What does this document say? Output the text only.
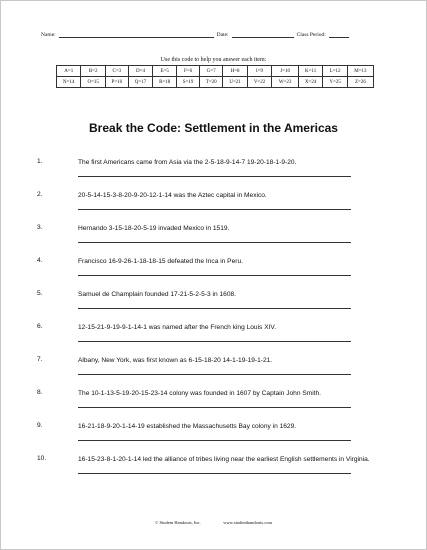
Name:	Date:	Class Period:
Use this code to help you answer each item:
A=1	B=2	C=3	D=4	E=5	F=6	G=7	H=8	I=9	J=10	K=11	L=12	M=13
N=14	O=15	P=16	Q=17	R=18	S=19	T=20	U=21	V=22	W=23	X=24	Y=25	Z=26
Break the Code: Settlement in the Americas
1.	The first Americans came from Asia via the 2-5-18-9-14-7 19-20-18-1-9-20.
2.	20-5-14-15-3-8-20-9-20-12-1-14 was the Aztec capital in Mexico.
3.	Hernando 3-15-18-20-5-19 invaded Mexico in 1519.
4.	Francisco 16-9-26-1-18-18-15 defeated the Inca in Peru.
5.	Samuel de Champlain founded 17-21-5-2-5-3 in 1608.
6.	12-15-21-9-19-9-1-14-1 was named after the French king Louis XIV.
7.	Albany, New York, was first known as 6-15-18-20 14-1-19-19-1-21.
8.	The 10-1-13-5-19-20-15-23-14 colony was founded in 1607 by Captain John Smith.
9.	16-21-18-9-20-1-14-19 established the Massachusetts Bay colony in 1629.
10.	16-15-23-8-1-20-1-14 led the alliance of tribes living near the earliest English settlements in Virginia.
© Student Handouts, Inc.                    www.studenthandouts.com
